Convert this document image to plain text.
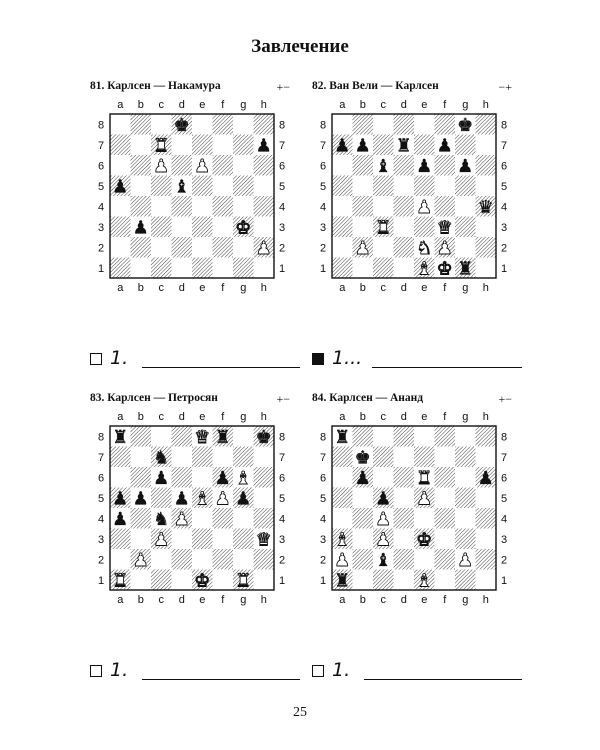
Завлечение
81. Карлсен — Накамура	+−
a
a
b
b
c
c
d
d
e
e
f
f
g
g
h
h
8	8
7	7
6	6
5	5
4	4
3	3
2	2
1	1
♚
♜	♟
♟ ♟
♟	♝
♟	♚
♟
1.
82. Ван Вели — Карлсен	−+
a
a
b
b
c
c
d
d
e
e
f
f
g
g
h
h
8	8
7	7
6	6
5	5
4	4
3	3
2	2
1	1
♚
♟ ♟ ♜ ♟
♝ ♟ ♟
♟	♛
♜	♛
♟	♞ ♟
♝ ♚ ♜
1...
83. Карлсен — Петросян	+−
a
a
b
b
c
c
d
d
e
e
f
f
g
g
h
h
8	8
7	7
6	6
5	5
4	4
3	3
2	2
1	1
♜	♛ ♜ ♚
♞
♟	♟ ♝
♟ ♟ ♟ ♝ ♟ ♟
♟ ♞ ♟
♟	♛
♟
♜	♚ ♜
1.
84. Карлсен — Ананд	+−
a
a
b
b
c
c
d
d
e
e
f
f
g
g
h
h
8	8
7	7
6	6
5	5
4	4
3	3
2	2
1	1
♜
♚
♟	♜	♟
♟ ♟
♟
♝ ♟ ♚
♟ ♝	♟
♜	♝
1.
25
